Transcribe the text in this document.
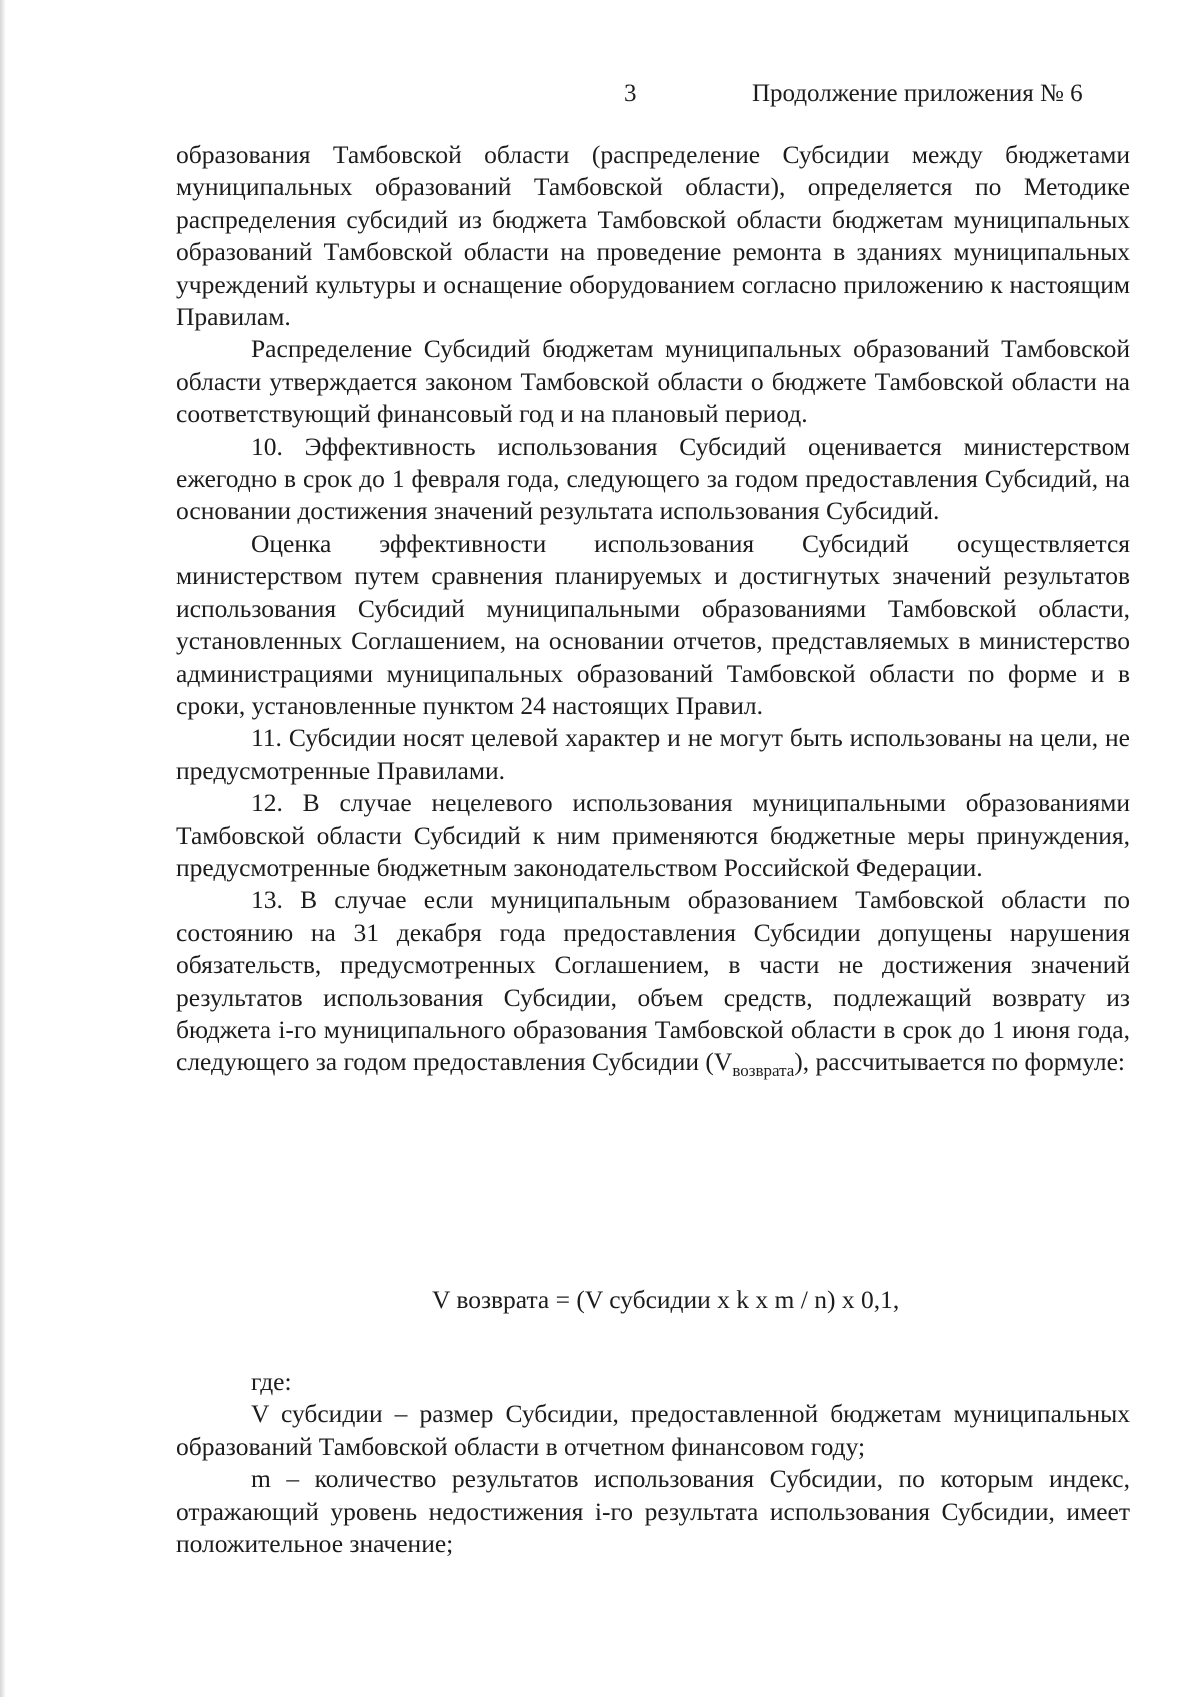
3	Продолжение приложения № 6

образования Тамбовской области (распределение Субсидии между бюджетами муниципальных образований Тамбовской области), определяется по Методике распределения субсидий из бюджета Тамбовской области бюджетам муниципальных образований Тамбовской области на проведение ремонта в зданиях муниципальных учреждений культуры и оснащение оборудованием согласно приложению к настоящим Правилам.

Распределение Субсидий бюджетам муниципальных образований Тамбовской области утверждается законом Тамбовской области о бюджете Тамбовской области на соответствующий финансовый год и на плановый период.

10. Эффективность использования Субсидий оценивается министерством ежегодно в срок до 1 февраля года, следующего за годом предоставления Субсидий, на основании достижения значений результата использования Субсидий.

Оценка эффективности использования Субсидий осуществляется министерством путем сравнения планируемых и достигнутых значений результатов использования Субсидий муниципальными образованиями Тамбовской области, установленных Соглашением, на основании отчетов, представляемых в министерство администрациями муниципальных образований Тамбовской области по форме и в сроки, установленные пунктом 24 настоящих Правил.

11. Субсидии носят целевой характер и не могут быть использованы на цели, не предусмотренные Правилами.

12. В случае нецелевого использования муниципальными образованиями Тамбовской области Субсидий к ним применяются бюджетные меры принуждения, предусмотренные бюджетным законодательством Российской Федерации.

13. В случае если муниципальным образованием Тамбовской области по состоянию на 31 декабря года предоставления Субсидии допущены нарушения обязательств, предусмотренных Соглашением, в части не достижения значений результатов использования Субсидии, объем средств, подлежащий возврату из бюджета i-го муниципального образования Тамбовской области в срок до 1 июня года, следующего за годом предоставления Субсидии $(V_{возврата})$, рассчитывается по формуле:

V возврата = (V субсидии x k x m / n) x 0,1,

где:

V субсидии – размер Субсидии, предоставленной бюджетам муниципальных образований Тамбовской области в отчетном финансовом году;

m – количество результатов использования Субсидии, по которым индекс, отражающий уровень недостижения i-го результата использования Субсидии, имеет положительное значение;
